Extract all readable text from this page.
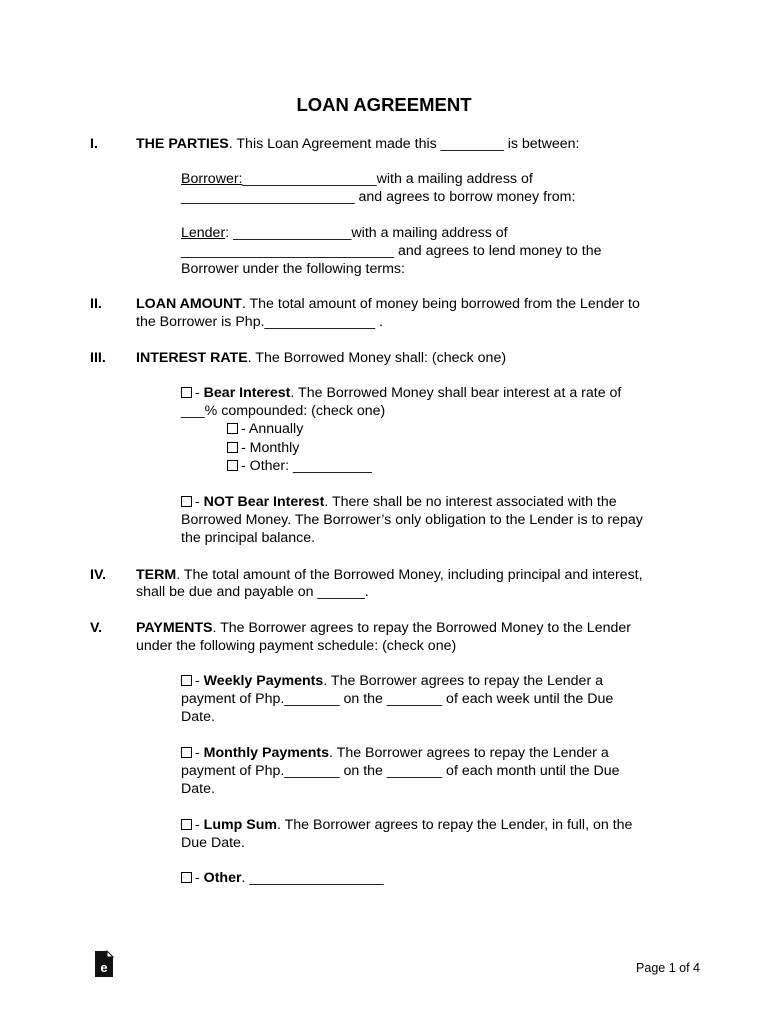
LOAN AGREEMENT
I.	THE PARTIES. This Loan Agreement made this ________ is between:
Borrower:_________________with a mailing address of
______________________ and agrees to borrow money from:
Lender: _______________with a mailing address of
___________________________ and agrees to lend money to the
Borrower under the following terms:
II. LOAN AMOUNT. The total amount of money being borrowed from the Lender to
the Borrower is Php.______________ .
III. INTEREST RATE. The Borrowed Money shall: (check one)
- Bear Interest. The Borrowed Money shall bear interest at a rate of
___% compounded: (check one)
- Annually
- Monthly
- Other: __________
- NOT Bear Interest. There shall be no interest associated with the
Borrowed Money. The Borrower’s only obligation to the Lender is to repay
the principal balance.
IV. TERM. The total amount of the Borrowed Money, including principal and interest,
shall be due and payable on ______.
V. PAYMENTS. The Borrower agrees to repay the Borrowed Money to the Lender
under the following payment schedule: (check one)
- Weekly Payments. The Borrower agrees to repay the Lender a
payment of Php._______ on the _______ of each week until the Due
Date.
- Monthly Payments. The Borrower agrees to repay the Lender a
payment of Php._______ on the _______ of each month until the Due
Date.
- Lump Sum. The Borrower agrees to repay the Lender, in full, on the
Due Date.
- Other. _________________
e	Page 1 of 4
